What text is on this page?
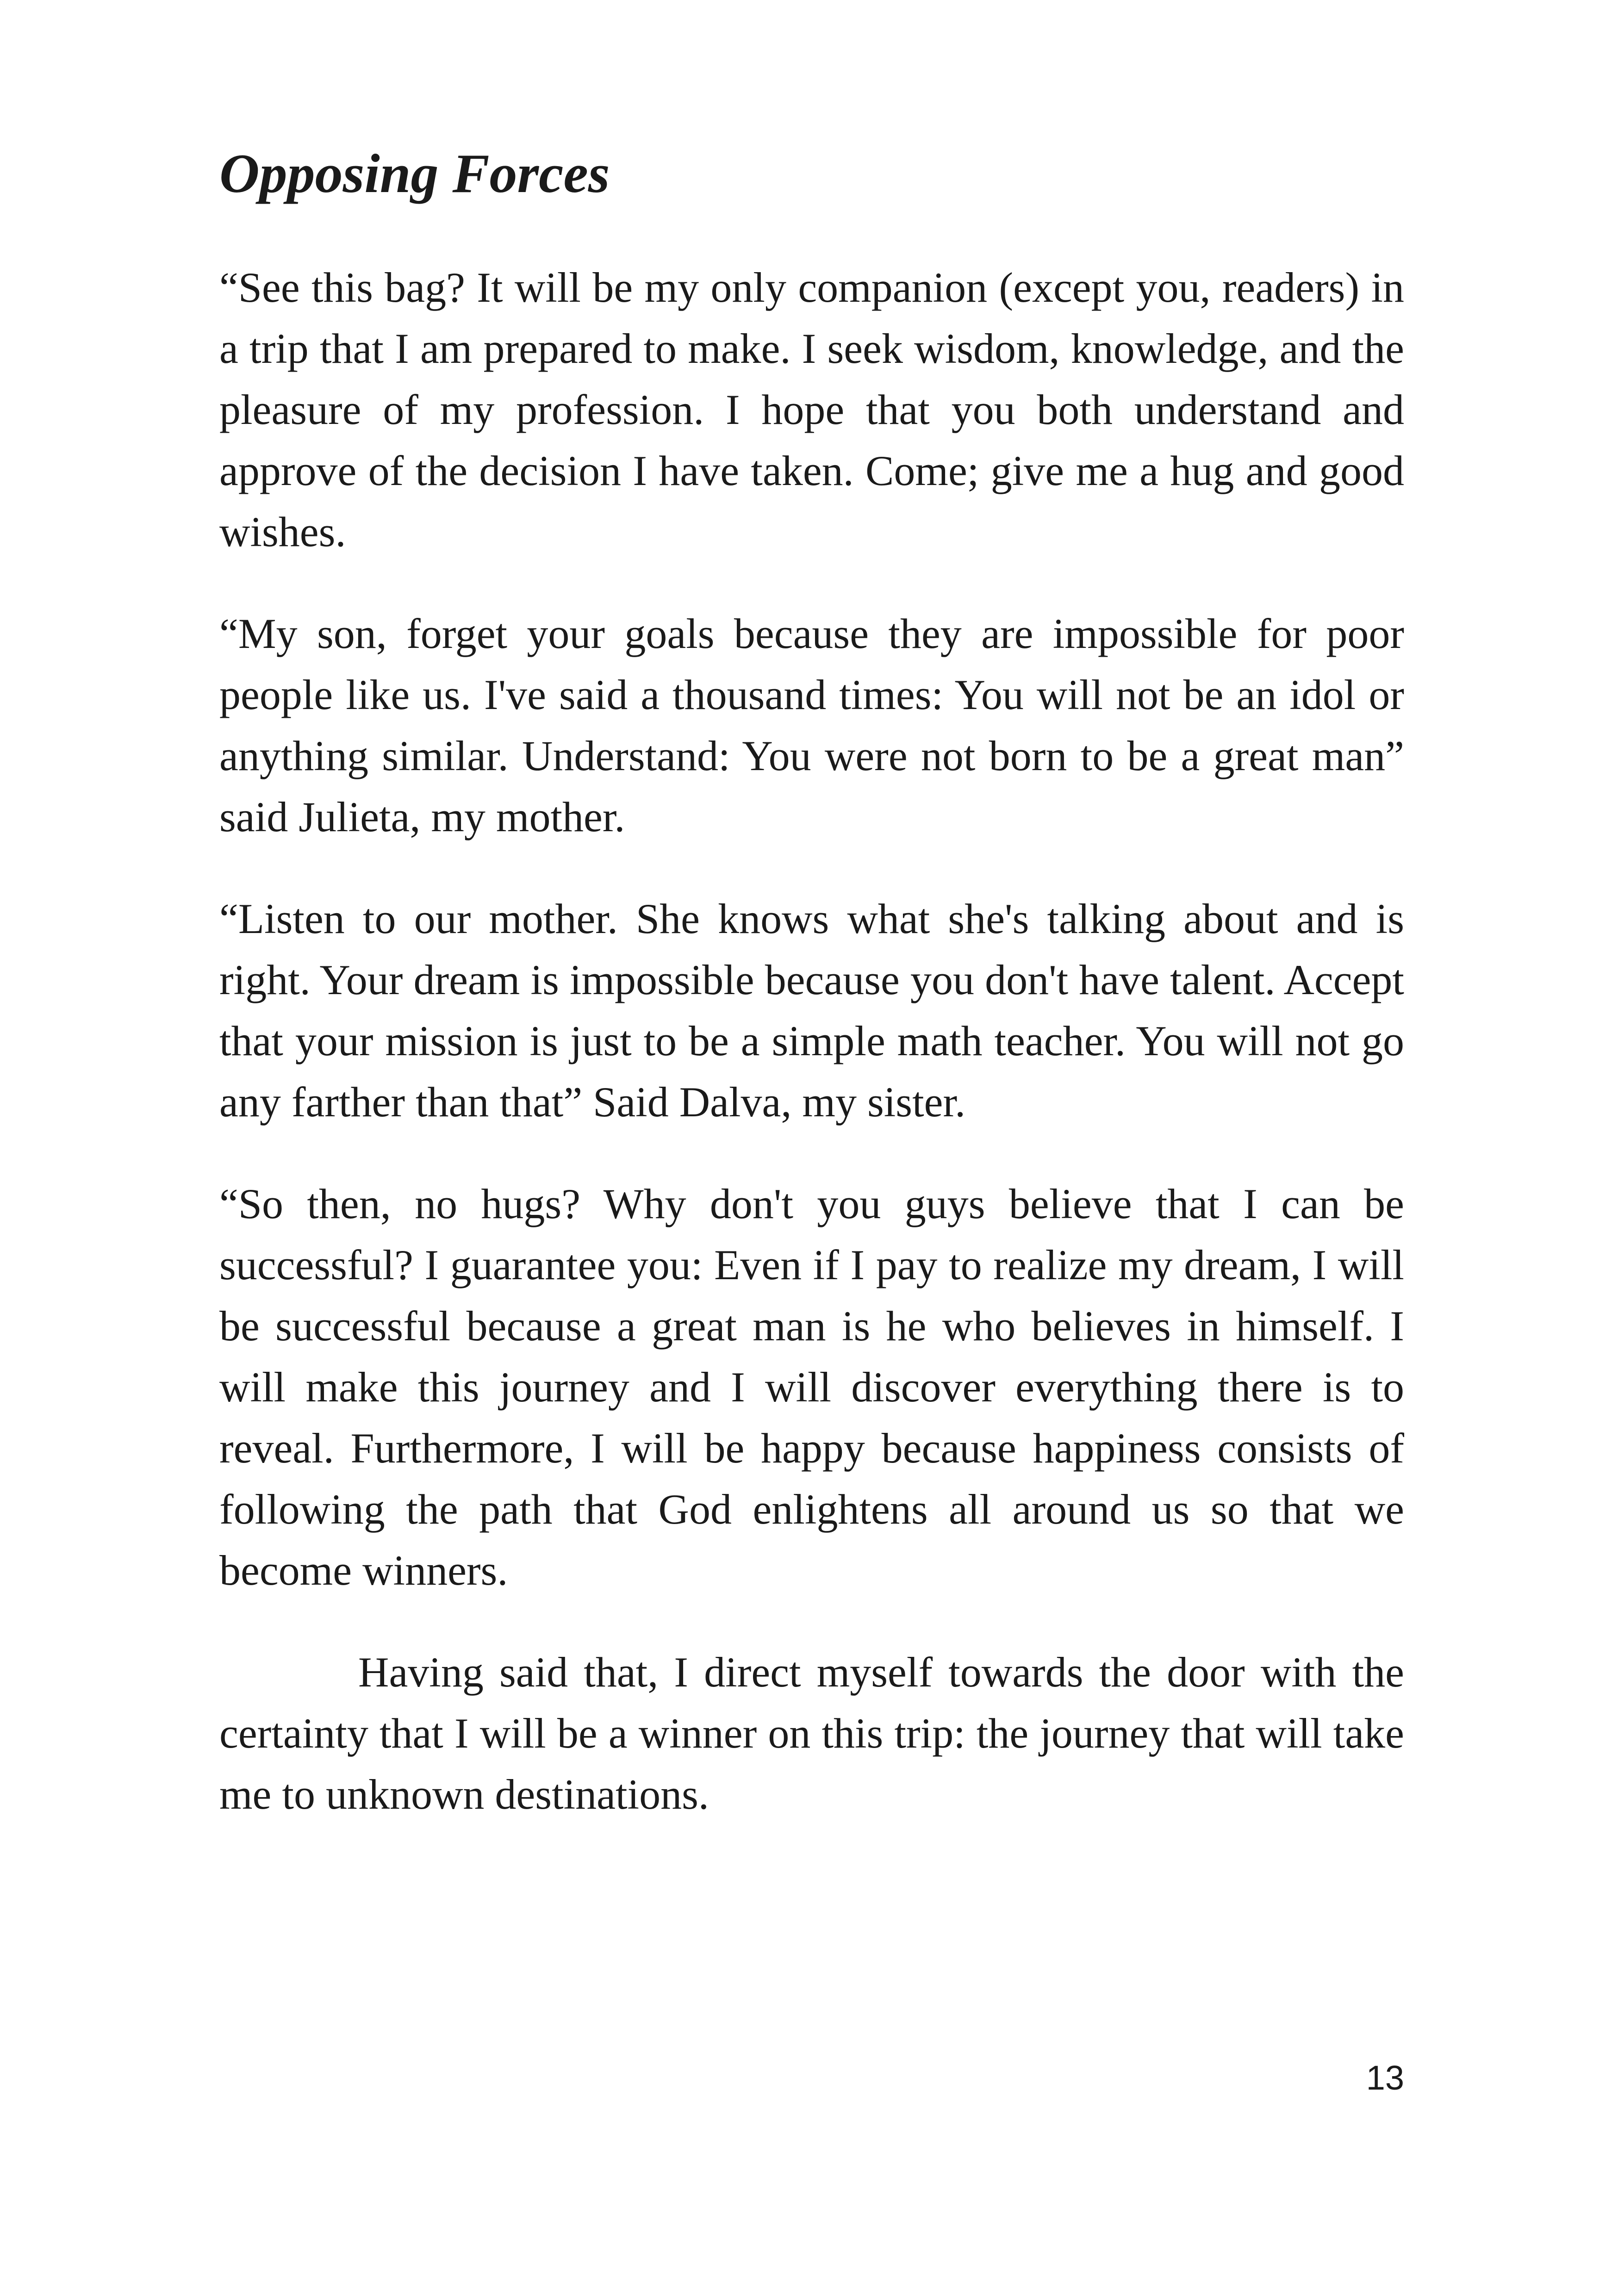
Opposing Forces

“See this bag? It will be my only companion (except you, readers) in a trip that I am prepared to make. I seek wisdom, knowledge, and the pleasure of my profession. I hope that you both understand and approve of the decision I have taken. Come; give me a hug and good wishes.

“My son, forget your goals because they are impossible for poor people like us. I've said a thousand times: You will not be an idol or anything similar. Understand: You were not born to be a great man” said Julieta, my mother.

“Listen to our mother. She knows what she's talking about and is right. Your dream is impossible because you don't have talent. Accept that your mission is just to be a simple math teacher. You will not go any farther than that” Said Dalva, my sister.

“So then, no hugs? Why don't you guys believe that I can be successful? I guarantee you: Even if I pay to realize my dream, I will be successful because a great man is he who believes in himself. I will make this journey and I will discover everything there is to reveal. Furthermore, I will be happy because happiness consists of following the path that God enlightens all around us so that we become winners.

Having said that, I direct myself towards the door with the certainty that I will be a winner on this trip: the journey that will take me to unknown destinations.

13
